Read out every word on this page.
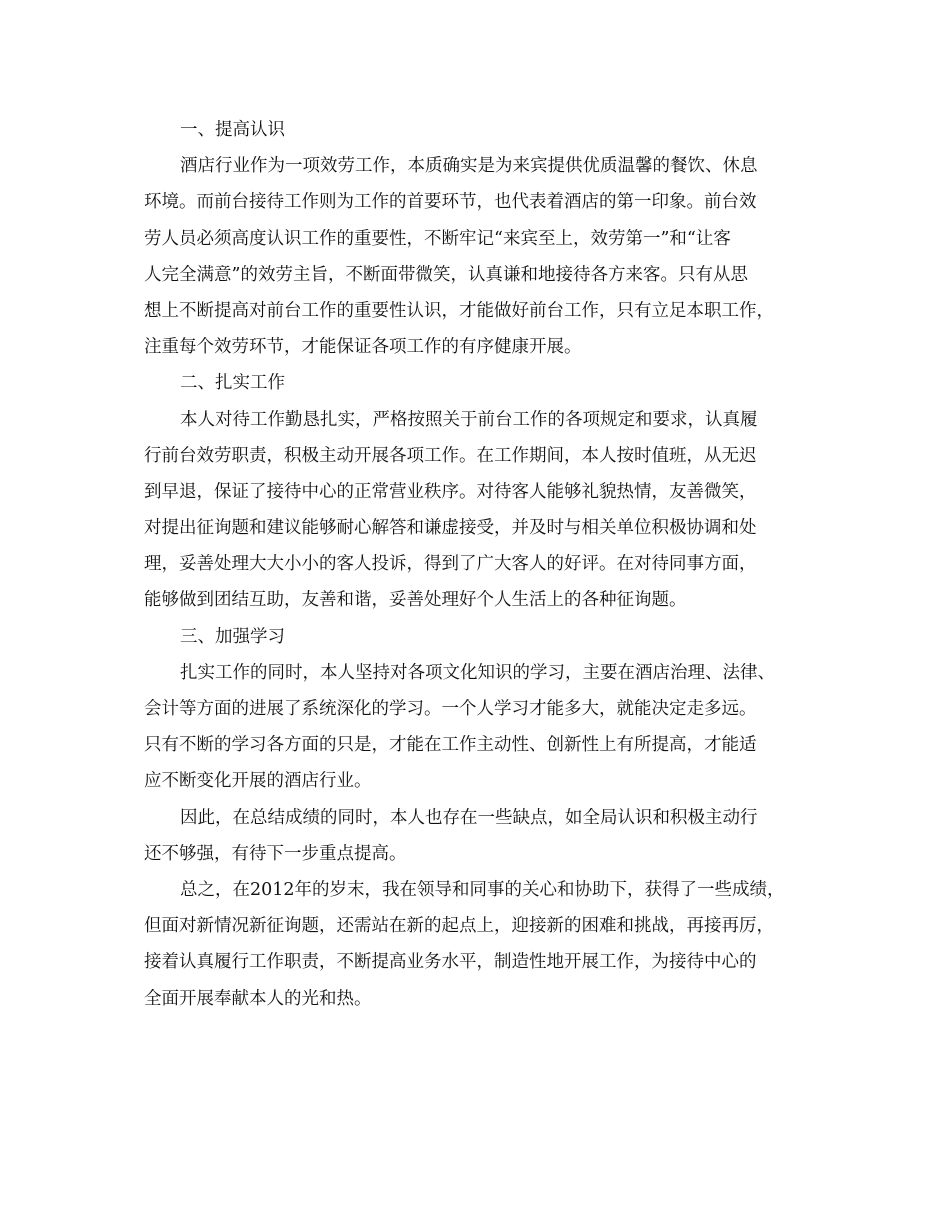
一、提高认识
酒店行业作为一项效劳工作，本质确实是为来宾提供优质温馨的餐饮、休息
环境。而前台接待工作则为工作的首要环节，也代表着酒店的第一印象。前台效
劳人员必须高度认识工作的重要性，不断牢记“来宾至上，效劳第一”和“让客
人完全满意”的效劳主旨，不断面带微笑，认真谦和地接待各方来客。只有从思
想上不断提高对前台工作的重要性认识，才能做好前台工作，只有立足本职工作，
注重每个效劳环节，才能保证各项工作的有序健康开展。
二、扎实工作
本人对待工作勤恳扎实，严格按照关于前台工作的各项规定和要求，认真履
行前台效劳职责，积极主动开展各项工作。在工作期间，本人按时值班，从无迟
到早退，保证了接待中心的正常营业秩序。对待客人能够礼貌热情，友善微笑，
对提出征询题和建议能够耐心解答和谦虚接受，并及时与相关单位积极协调和处
理，妥善处理大大小小的客人投诉，得到了广大客人的好评。在对待同事方面，
能够做到团结互助，友善和谐，妥善处理好个人生活上的各种征询题。
三、加强学习
扎实工作的同时，本人坚持对各项文化知识的学习，主要在酒店治理、法律、
会计等方面的进展了系统深化的学习。一个人学习才能多大，就能决定走多远。
只有不断的学习各方面的只是，才能在工作主动性、创新性上有所提高，才能适
应不断变化开展的酒店行业。
因此，在总结成绩的同时，本人也存在一些缺点，如全局认识和积极主动行
还不够强，有待下一步重点提高。
总之，在2012年的岁末，我在领导和同事的关心和协助下，获得了一些成绩，
但面对新情况新征询题，还需站在新的起点上，迎接新的困难和挑战，再接再厉，
接着认真履行工作职责，不断提高业务水平，制造性地开展工作，为接待中心的
全面开展奉献本人的光和热。
